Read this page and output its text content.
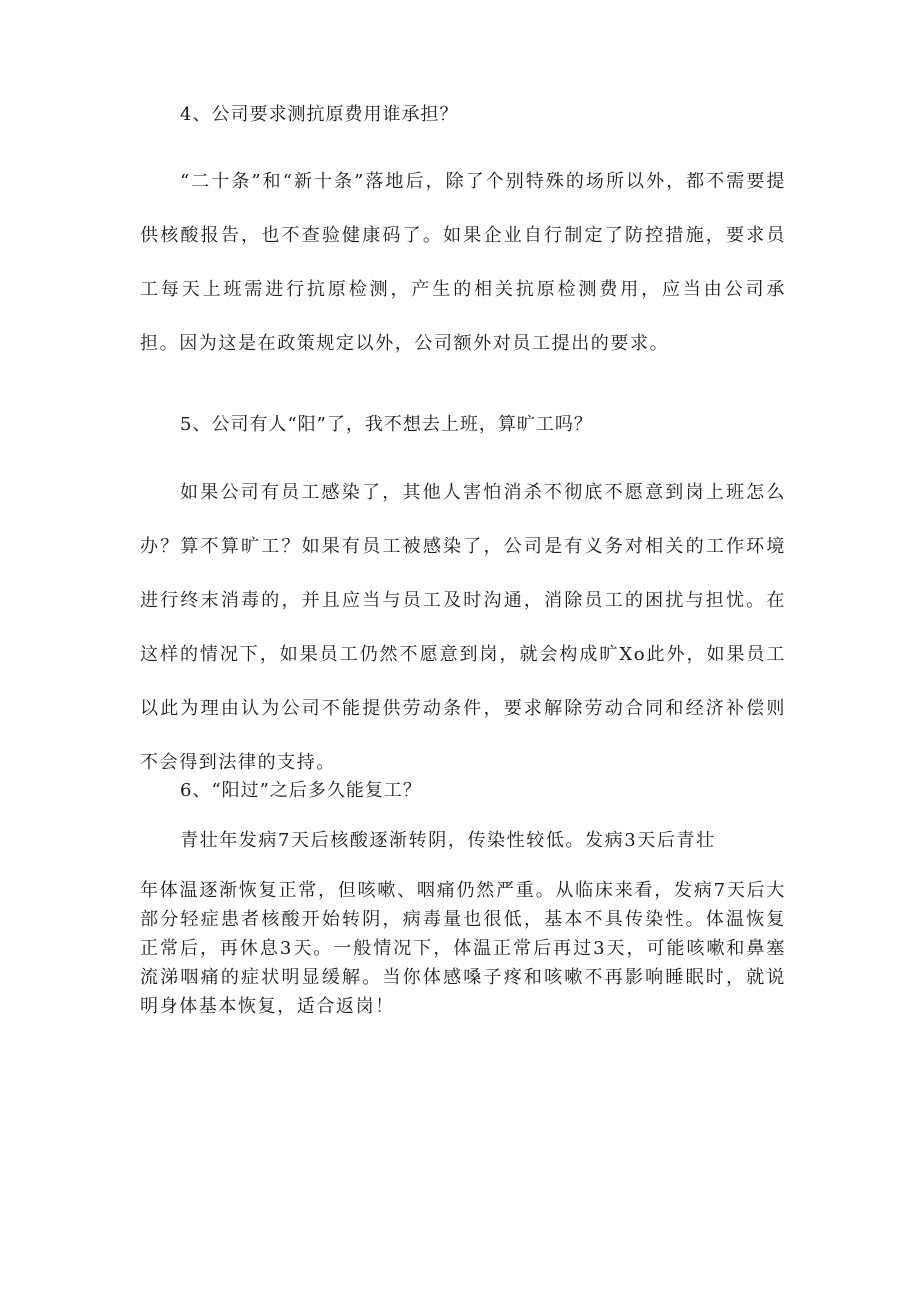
4、公司要求测抗原费用谁承担？
“二十条”和“新十条”落地后，除了个别特殊的场所以外，都不需要提供核酸报告，也不查验健康码了。如果企业自行制定了防控措施，要求员工每天上班需进行抗原检测，产生的相关抗原检测费用，应当由公司承担。因为这是在政策规定以外，公司额外对员工提出的要求。
5、公司有人“阳”了，我不想去上班，算旷工吗？
如果公司有员工感染了，其他人害怕消杀不彻底不愿意到岗上班怎么办？算不算旷工？如果有员工被感染了，公司是有义务对相关的工作环境进行终末消毒的，并且应当与员工及时沟通，消除员工的困扰与担忧。在这样的情况下，如果员工仍然不愿意到岗，就会构成旷Xo此外，如果员工以此为理由认为公司不能提供劳动条件，要求解除劳动合同和经济补偿则不会得到法律的支持。
6、“阳过”之后多久能复工？
青壮年发病7天后核酸逐渐转阴，传染性较低。发病3天后青壮
年体温逐渐恢复正常，但咳嗽、咽痛仍然严重。从临床来看，发病7天后大部分轻症患者核酸开始转阴，病毒量也很低，基本不具传染性。体温恢复正常后，再休息3天。一般情况下，体温正常后再过3天，可能咳嗽和鼻塞流涕咽痛的症状明显缓解。当你体感嗓子疼和咳嗽不再影响睡眠时，就说明身体基本恢复，适合返岗！
